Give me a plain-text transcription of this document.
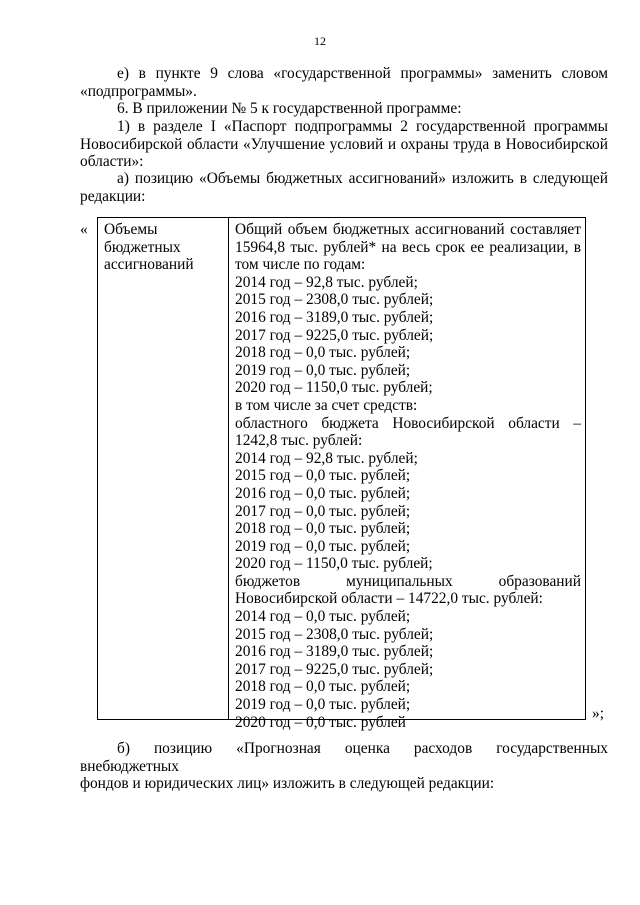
12
е) в пункте 9 слова «государственной программы» заменить словом
«подпрограммы».
6. В приложении № 5 к государственной программе:
1) в разделе I «Паспорт подпрограммы 2 государственной программы
Новосибирской области «Улучшение условий и охраны труда в Новосибирской
области»:
а) позицию «Объемы бюджетных ассигнований» изложить в следующей
редакции:
« Объемы
бюджетных
ассигнований
Общий объем бюджетных ассигнований составляет
15964,8 тыс. рублей* на весь срок ее реализации, в
том числе по годам:
2014 год – 92,8 тыс. рублей;
2015 год – 2308,0 тыс. рублей;
2016 год – 3189,0 тыс. рублей;
2017 год – 9225,0 тыс. рублей;
2018 год – 0,0 тыс. рублей;
2019 год – 0,0 тыс. рублей;
2020 год – 1150,0 тыс. рублей;
в том числе за счет средств:
областного бюджета Новосибирской области –
1242,8 тыс. рублей:
2014 год – 92,8 тыс. рублей;
2015 год – 0,0 тыс. рублей;
2016 год – 0,0 тыс. рублей;
2017 год – 0,0 тыс. рублей;
2018 год – 0,0 тыс. рублей;
2019 год – 0,0 тыс. рублей;
2020 год – 1150,0 тыс. рублей;
бюджетов муниципальных образований
Новосибирской области – 14722,0 тыс. рублей:
2014 год – 0,0 тыс. рублей;
2015 год – 2308,0 тыс. рублей;
2016 год – 3189,0 тыс. рублей;
2017 год – 9225,0 тыс. рублей;
2018 год – 0,0 тыс. рублей;
2019 год – 0,0 тыс. рублей;
2020 год – 0,0 тыс. рублей
»;
б) позицию «Прогнозная оценка расходов государственных внебюджетных
фондов и юридических лиц» изложить в следующей редакции:
